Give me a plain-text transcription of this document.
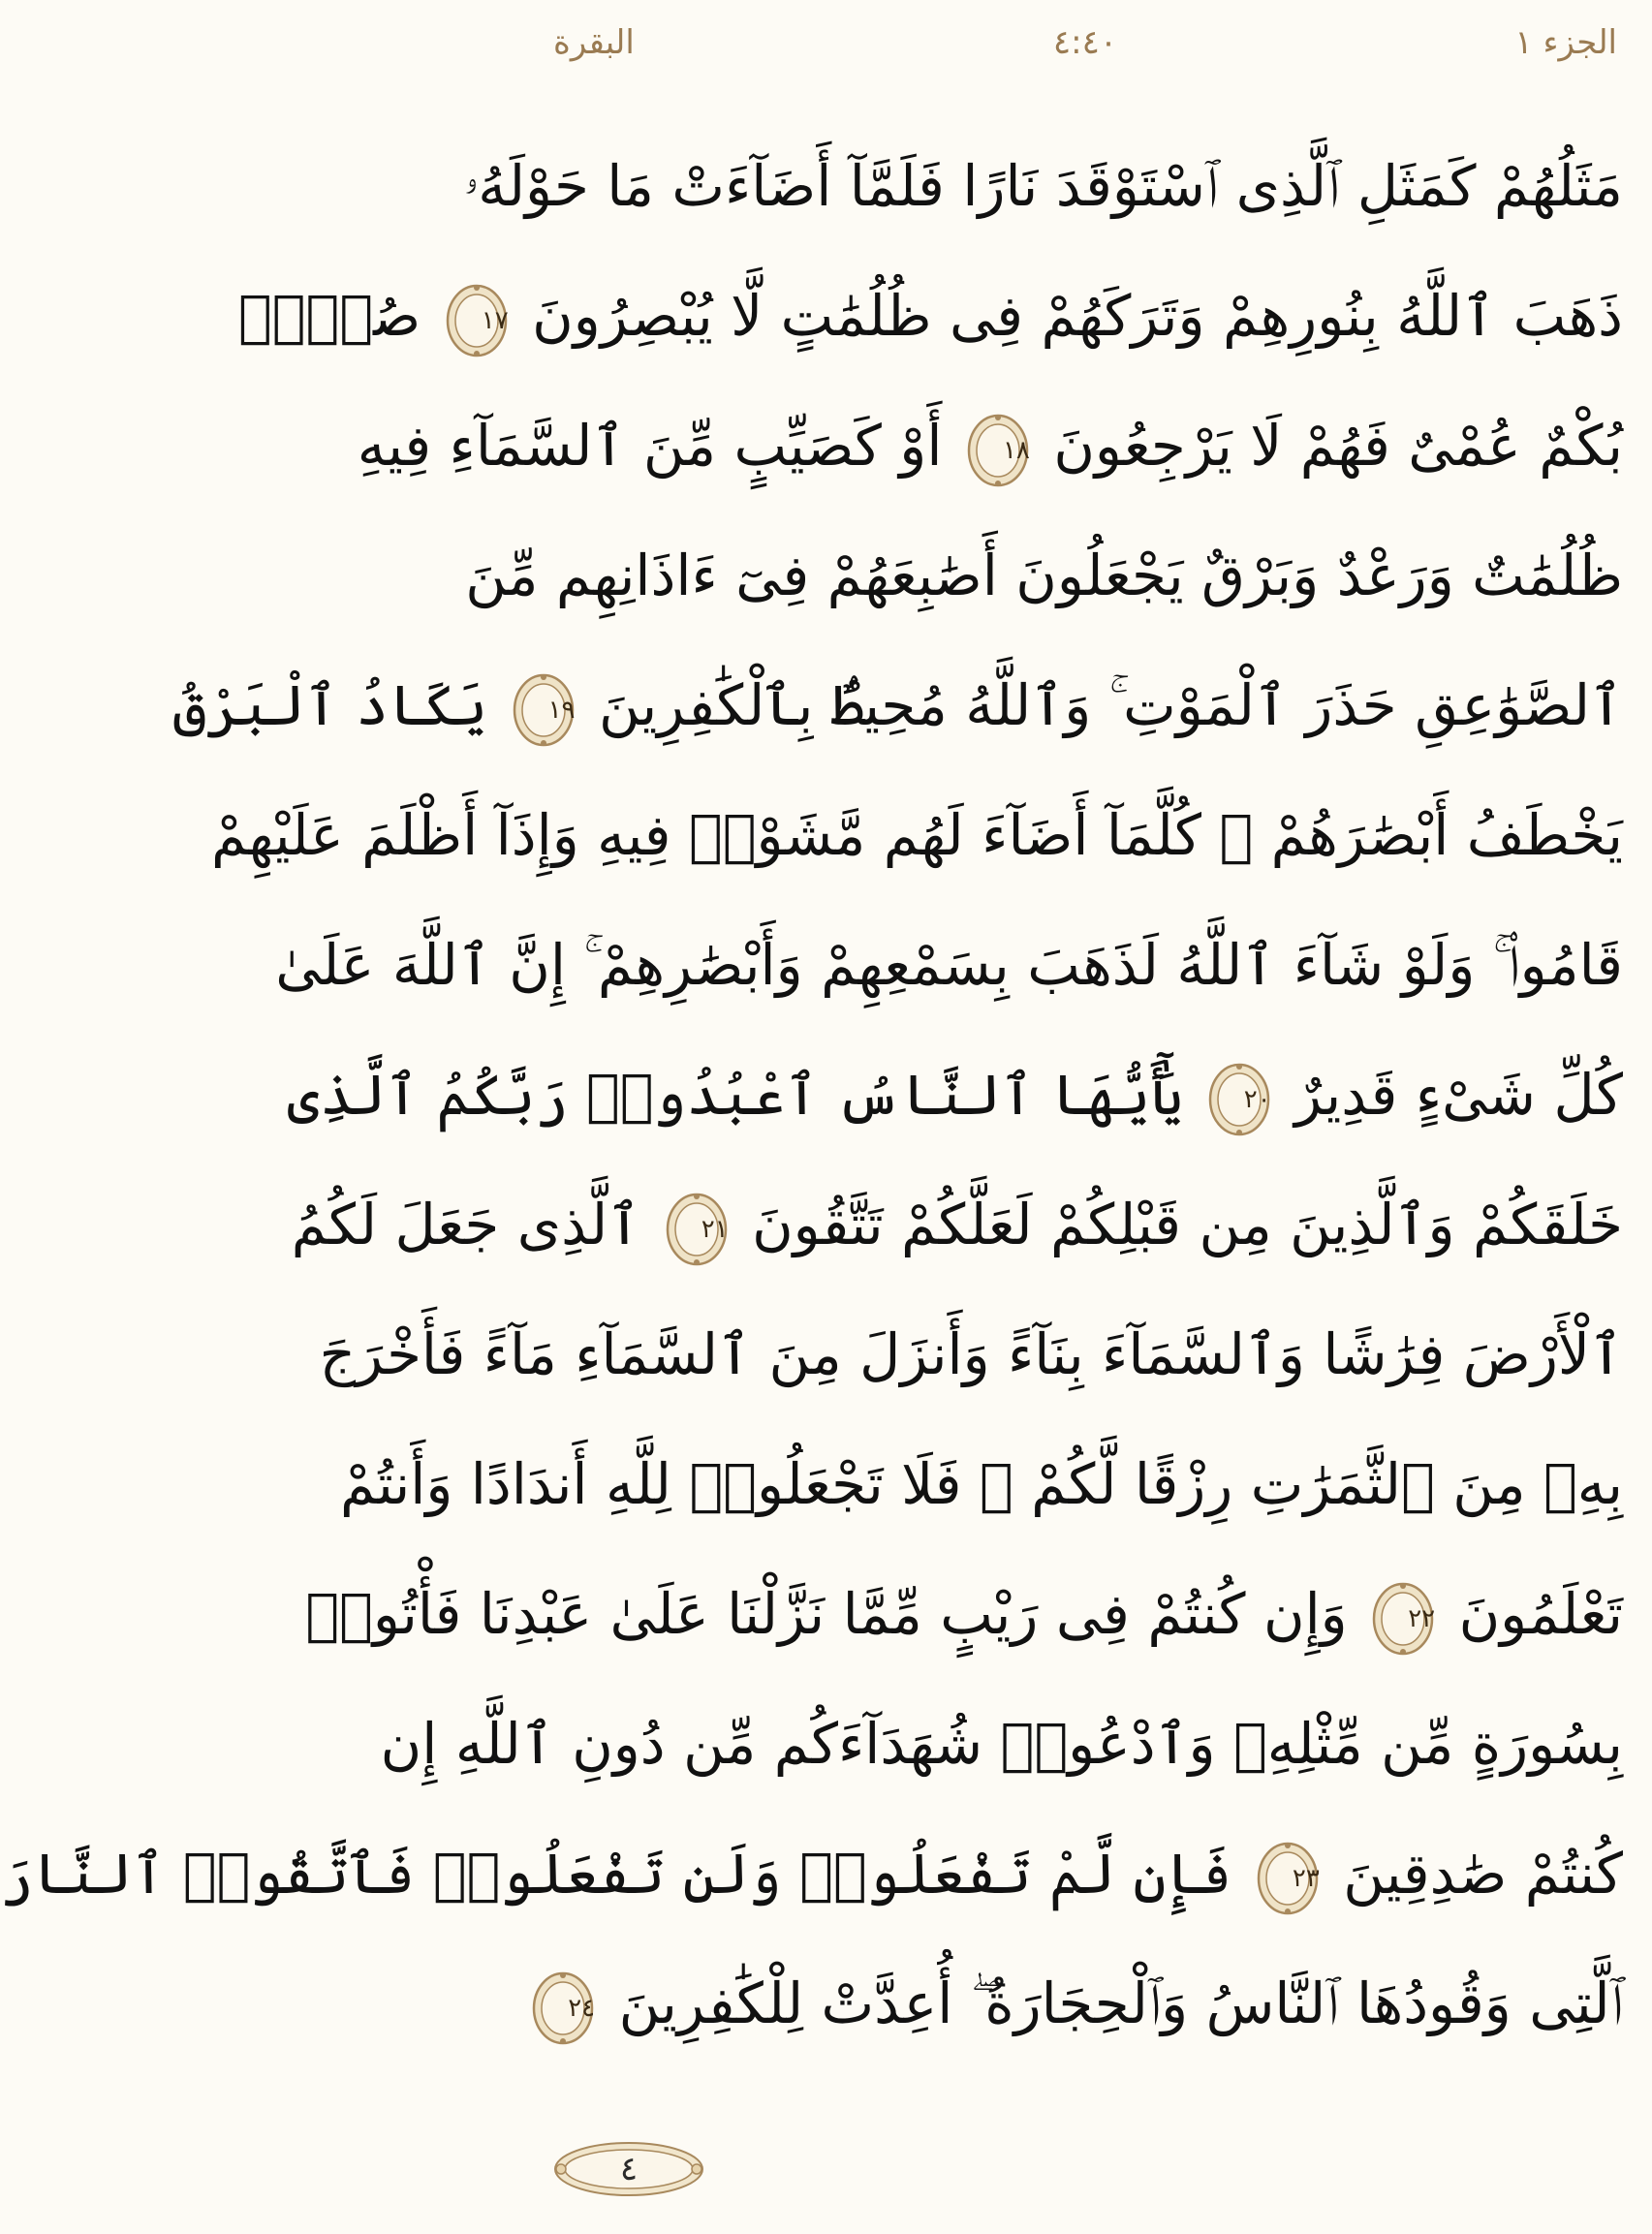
الجزء ١
٤:٤٠
البقرة
مَثَلُهُمْ كَمَثَلِ ٱلَّذِى ٱسْتَوْقَدَ نَارًا فَلَمَّآ أَضَآءَتْ مَا حَوْلَهُۥ
ذَهَبَ ٱللَّهُ بِنُورِهِمْ وَتَرَكَهُمْ فِى ظُلُمَٰتٍ لَّا يُبْصِرُونَ
١٧
صُمٌّۢ
بُكْمٌ عُمْىٌ فَهُمْ لَا يَرْجِعُونَ
١٨
أَوْ كَصَيِّبٍ مِّنَ ٱلسَّمَآءِ فِيهِ
ظُلُمَٰتٌ وَرَعْدٌ وَبَرْقٌ يَجْعَلُونَ أَصَٰبِعَهُمْ فِىٓ ءَاذَانِهِم مِّنَ
ٱلصَّوَٰعِقِ حَذَرَ ٱلْمَوْتِ ۚ وَٱللَّهُ مُحِيطٌۢ بِٱلْكَٰفِرِينَ
١٩
يَكَادُ ٱلْبَرْقُ
يَخْطَفُ أَبْصَٰرَهُمْ ۖ كُلَّمَآ أَضَآءَ لَهُم مَّشَوْا۟ فِيهِ وَإِذَآ أَظْلَمَ عَلَيْهِمْ
قَامُوا۟ ۚ وَلَوْ شَآءَ ٱللَّهُ لَذَهَبَ بِسَمْعِهِمْ وَأَبْصَٰرِهِمْ ۚ إِنَّ ٱللَّهَ عَلَىٰ
كُلِّ شَىْءٍ قَدِيرٌ
٢٠
يَٰٓأَيُّهَا ٱلنَّاسُ ٱعْبُدُوا۟ رَبَّكُمُ ٱلَّذِى
خَلَقَكُمْ وَٱلَّذِينَ مِن قَبْلِكُمْ لَعَلَّكُمْ تَتَّقُونَ
٢١
ٱلَّذِى جَعَلَ لَكُمُ
ٱلْأَرْضَ فِرَٰشًا وَٱلسَّمَآءَ بِنَآءً وَأَنزَلَ مِنَ ٱلسَّمَآءِ مَآءً فَأَخْرَجَ
بِهِۦ مِنَ ٱلثَّمَرَٰتِ رِزْقًا لَّكُمْ ۖ فَلَا تَجْعَلُوا۟ لِلَّهِ أَندَادًا وَأَنتُمْ
تَعْلَمُونَ
٢٢
وَإِن كُنتُمْ فِى رَيْبٍ مِّمَّا نَزَّلْنَا عَلَىٰ عَبْدِنَا فَأْتُوا۟
بِسُورَةٍ مِّن مِّثْلِهِۦ وَٱدْعُوا۟ شُهَدَآءَكُم مِّن دُونِ ٱللَّهِ إِن
كُنتُمْ صَٰدِقِينَ
٢٣
فَإِن لَّمْ تَفْعَلُوا۟ وَلَن تَفْعَلُوا۟ فَٱتَّقُوا۟ ٱلنَّارَ
ٱلَّتِى وَقُودُهَا ٱلنَّاسُ وَٱلْحِجَارَةُ ۖ أُعِدَّتْ لِلْكَٰفِرِينَ
٢٤
٤
